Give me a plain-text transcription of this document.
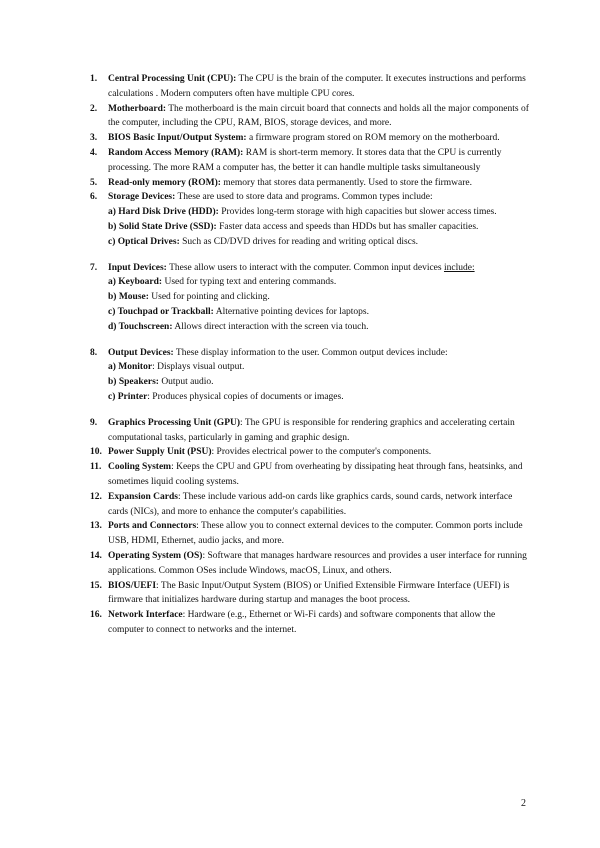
1. Central Processing Unit (CPU): The CPU is the brain of the computer. It executes instructions and performs calculations . Modern computers often have multiple CPU cores.
2. Motherboard: The motherboard is the main circuit board that connects and holds all the major components of the computer, including the CPU, RAM, BIOS, storage devices, and more.
3. BIOS Basic Input/Output System: a firmware program stored on ROM memory on the motherboard.
4. Random Access Memory (RAM): RAM is short-term memory. It stores data that the CPU is currently processing. The more RAM a computer has, the better it can handle multiple tasks simultaneously
5. Read-only memory (ROM): memory that stores data permanently. Used to store the firmware.
6. Storage Devices: These are used to store data and programs. Common types include:
a) Hard Disk Drive (HDD): Provides long-term storage with high capacities but slower access times.
b) Solid State Drive (SSD): Faster data access and speeds than HDDs but has smaller capacities.
c) Optical Drives: Such as CD/DVD drives for reading and writing optical discs.
7. Input Devices: These allow users to interact with the computer. Common input devices include:
a) Keyboard: Used for typing text and entering commands.
b) Mouse: Used for pointing and clicking.
c) Touchpad or Trackball: Alternative pointing devices for laptops.
d) Touchscreen: Allows direct interaction with the screen via touch.
8. Output Devices: These display information to the user. Common output devices include:
a) Monitor: Displays visual output.
b) Speakers: Output audio.
c) Printer: Produces physical copies of documents or images.
9. Graphics Processing Unit (GPU): The GPU is responsible for rendering graphics and accelerating certain computational tasks, particularly in gaming and graphic design.
10. Power Supply Unit (PSU): Provides electrical power to the computer's components.
11. Cooling System: Keeps the CPU and GPU from overheating by dissipating heat through fans, heatsinks, and sometimes liquid cooling systems.
12. Expansion Cards: These include various add-on cards like graphics cards, sound cards, network interface cards (NICs), and more to enhance the computer's capabilities.
13. Ports and Connectors: These allow you to connect external devices to the computer. Common ports include USB, HDMI, Ethernet, audio jacks, and more.
14. Operating System (OS): Software that manages hardware resources and provides a user interface for running applications. Common OSes include Windows, macOS, Linux, and others.
15. BIOS/UEFI: The Basic Input/Output System (BIOS) or Unified Extensible Firmware Interface (UEFI) is firmware that initializes hardware during startup and manages the boot process.
16. Network Interface: Hardware (e.g., Ethernet or Wi-Fi cards) and software components that allow the computer to connect to networks and the internet.
2
